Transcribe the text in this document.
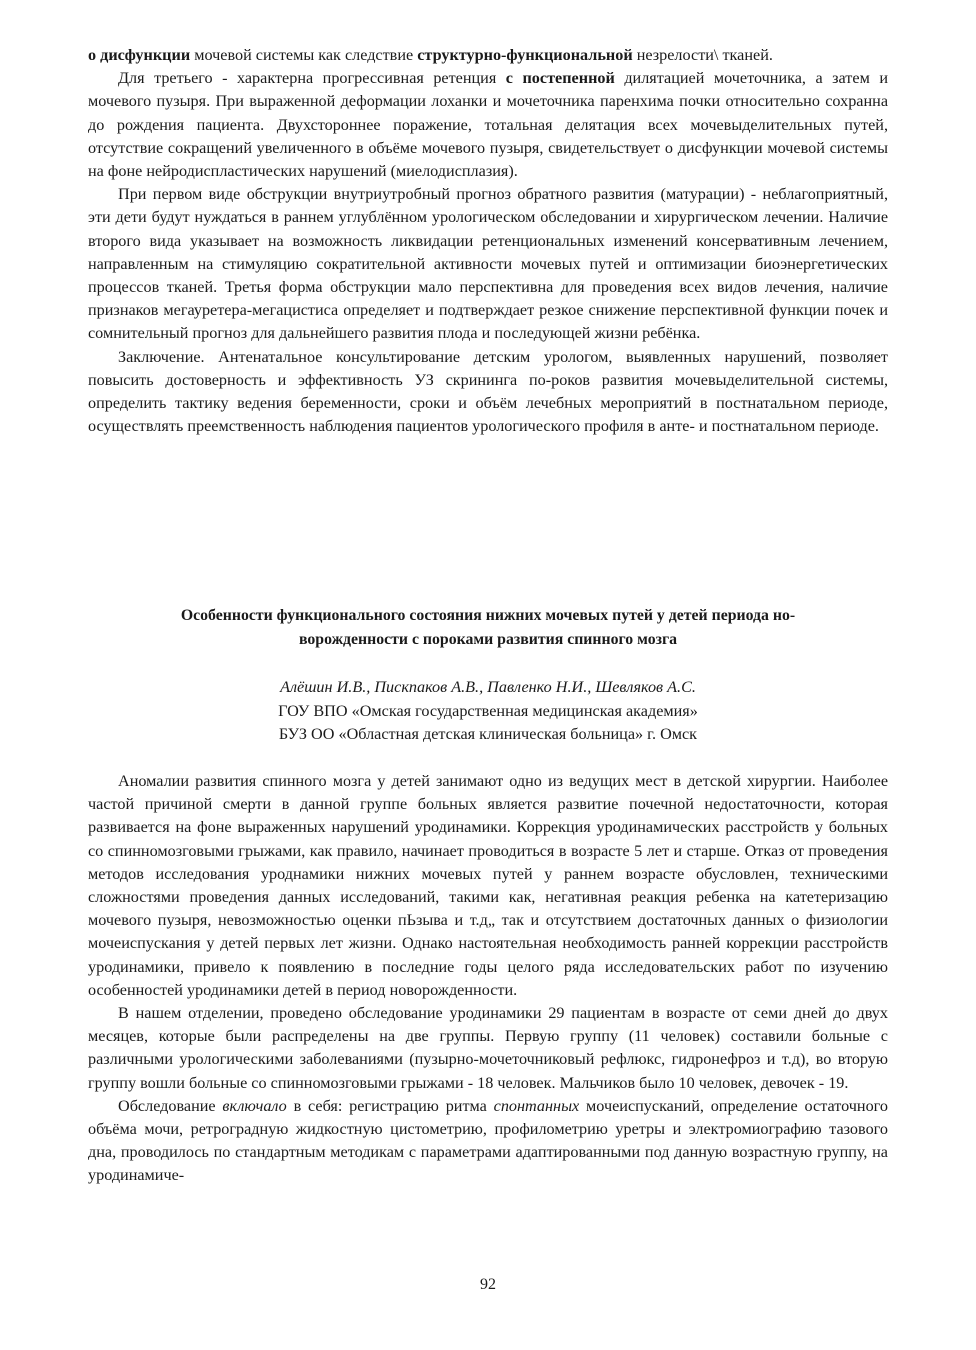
о дисфункции мочевой системы как следствие структурно-функциональной незрелости\ тканей.

Для третьего - характерна прогрессивная ретенция с постепенной дилятацией мочеточника, а затем и мочевого пузыря. При выраженной деформации лоханки и мочеточника паренхима почки относительно сохранна до рождения пациента. Двухстороннее поражение, тотальная делятация всех мочевыделительных путей, отсутствие сокращений увеличенного в объёме мочевого пузыря, свидетельствует о дисфункции мочевой системы на фоне нейродиспластических нарушений (миелодисплазия).

При первом виде обструкции внутриутробный прогноз обратного развития (матурации) - неблагоприятный, эти дети будут нуждаться в раннем углублённом урологическом обследовании и хирургическом лечении. Наличие второго вида указывает на возможность ликвидации ретенциональных изменений консервативным лечением, направленным на стимуляцию сократительной активности мочевых путей и оптимизации биоэнергетических процессов тканей. Третья форма обструкции мало перспективна для проведения всех видов лечения, наличие признаков мегауретера-мегацистиса определяет и подтверждает резкое снижение перспективной функции почек и сомнительный прогноз для дальнейшего развития плода и последующей жизни ребёнка.

Заключение. Антенатальное консультирование детским урологом, выявленных нарушений, позволяет повысить достоверность и эффективность УЗ скрининга по-роков развития мочевыделительной системы, определить тактику ведения беременности, сроки и объём лечебных мероприятий в постнатальном периоде, осуществлять преемственность наблюдения пациентов урологического профиля в анте- и постнатальном периоде.

Особенности функционального состояния нижних мочевых путей у детей периода но-
ворожденности с пороками развития спинного мозга
Алёшин И.В., Пискпаков А.В., Павленко Н.И., Шевляков А.С.
ГОУ ВПО «Омская государственная медицинская академия»
БУЗ ОО «Областная детская клиническая больница» г. Омск

Аномалии развития спинного мозга у детей занимают одно из ведущих мест в детской хирургии. Наиболее частой причиной смерти в данной группе больных является развитие почечной недостаточности, которая развивается на фоне выраженных нарушений уродинамики. Коррекция уродинамических расстройств у больных со спинномозговыми грыжами, как правило, начинает проводиться в возрасте 5 лет и старше. Отказ от проведения методов исследования уроднамики нижних мочевых путей у раннем возрасте обусловлен, техническими сложностями проведения данных исследований, такими как, негативная реакция ребенка на катетеризацию мочевого пузыря, невозможностью оценки пЬзыва и т.д„ так и отсутствием достаточных данных о физиологии мочеиспускания у детей первых лет жизни. Однако настоятельная необходимость ранней коррекции расстройств уродинамики, привело к появлению в последние годы целого ряда исследовательских работ по изучению особенностей уродинамики детей в период новорожденности.

В нашем отделении, проведено обследование уродинамики 29 пациентам в возрасте от семи дней до двух месяцев, которые были распределены на две группы. Первую группу (11 человек) составили больные с различными урологическими заболеваниями (пузырно-мочеточниковый рефлюкс, гидронефроз и т.д), во вторую группу вошли больные со спинномозговыми грыжами - 18 человек. Мальчиков было 10 человек, девочек - 19.

Обследование включало в себя: регистрацию ритма спонтанных мочеиспусканий, определение остаточного объёма мочи, ретроградную жидкостную цистометрию, профилометрию уретры и электромиографию тазового дна, проводилось по стандартным методикам с параметрами адаптированными под данную возрастную группу, на уродинамиче-

92
